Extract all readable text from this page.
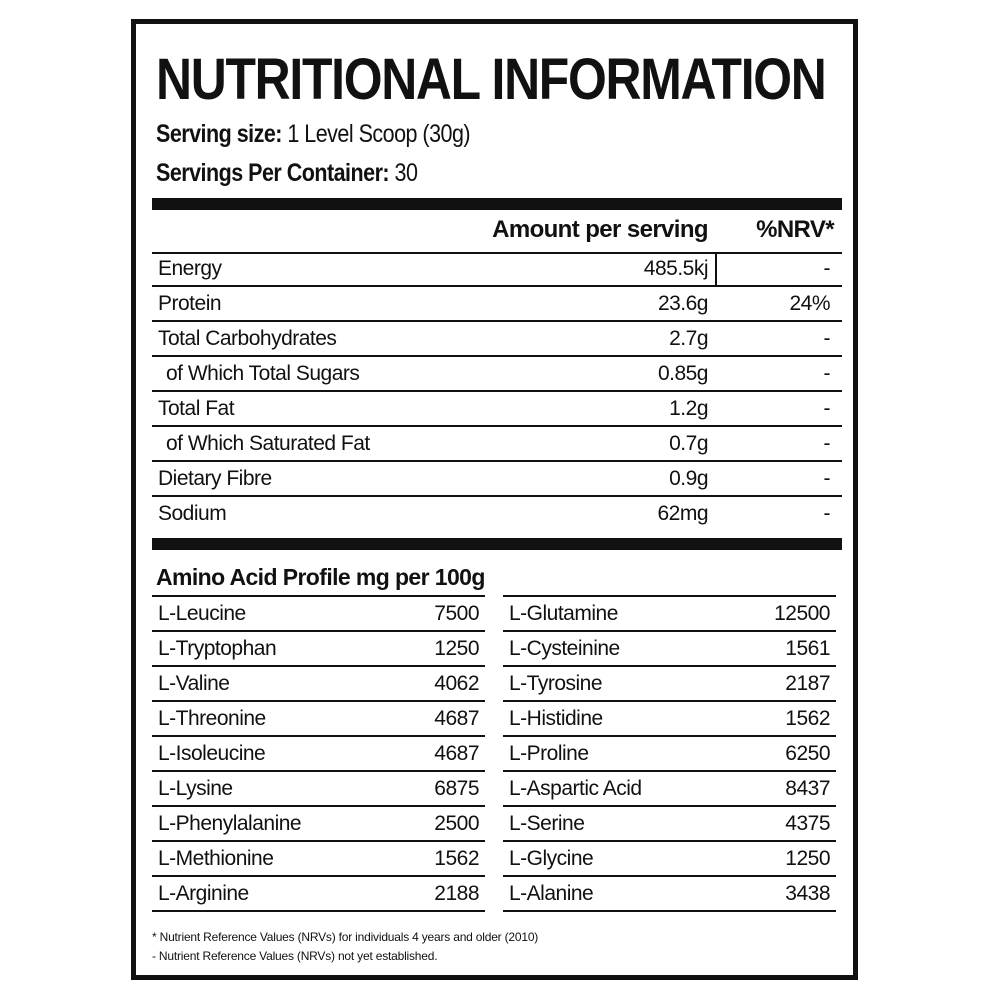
NUTRITIONAL INFORMATION
Serving size: 1 Level Scoop (30g)
Servings Per Container: 30
Amount per serving %NRV*
Energy	485.5kj	-
Protein	23.6g	24%
Total Carbohydrates	2.7g	-
of Which Total Sugars	0.85g	-
Total Fat	1.2g	-
of Which Saturated Fat	0.7g	-
Dietary Fibre	0.9g	-
Sodium	62mg	-
Amino Acid Profile mg per 100g
L-Leucine	7500
L-Tryptophan	1250
L-Valine	4062
L-Threonine	4687
L-Isoleucine	4687
L-Lysine	6875
L-Phenylalanine	2500
L-Methionine	1562
L-Arginine	2188
L-Glutamine	12500
L-Cysteinine	1561
L-Tyrosine	2187
L-Histidine	1562
L-Proline	6250
L-Aspartic Acid	8437
L-Serine	4375
L-Glycine	1250
L-Alanine	3438
* Nutrient Reference Values (NRVs) for individuals 4 years and older (2010)
- Nutrient Reference Values (NRVs) not yet established.
